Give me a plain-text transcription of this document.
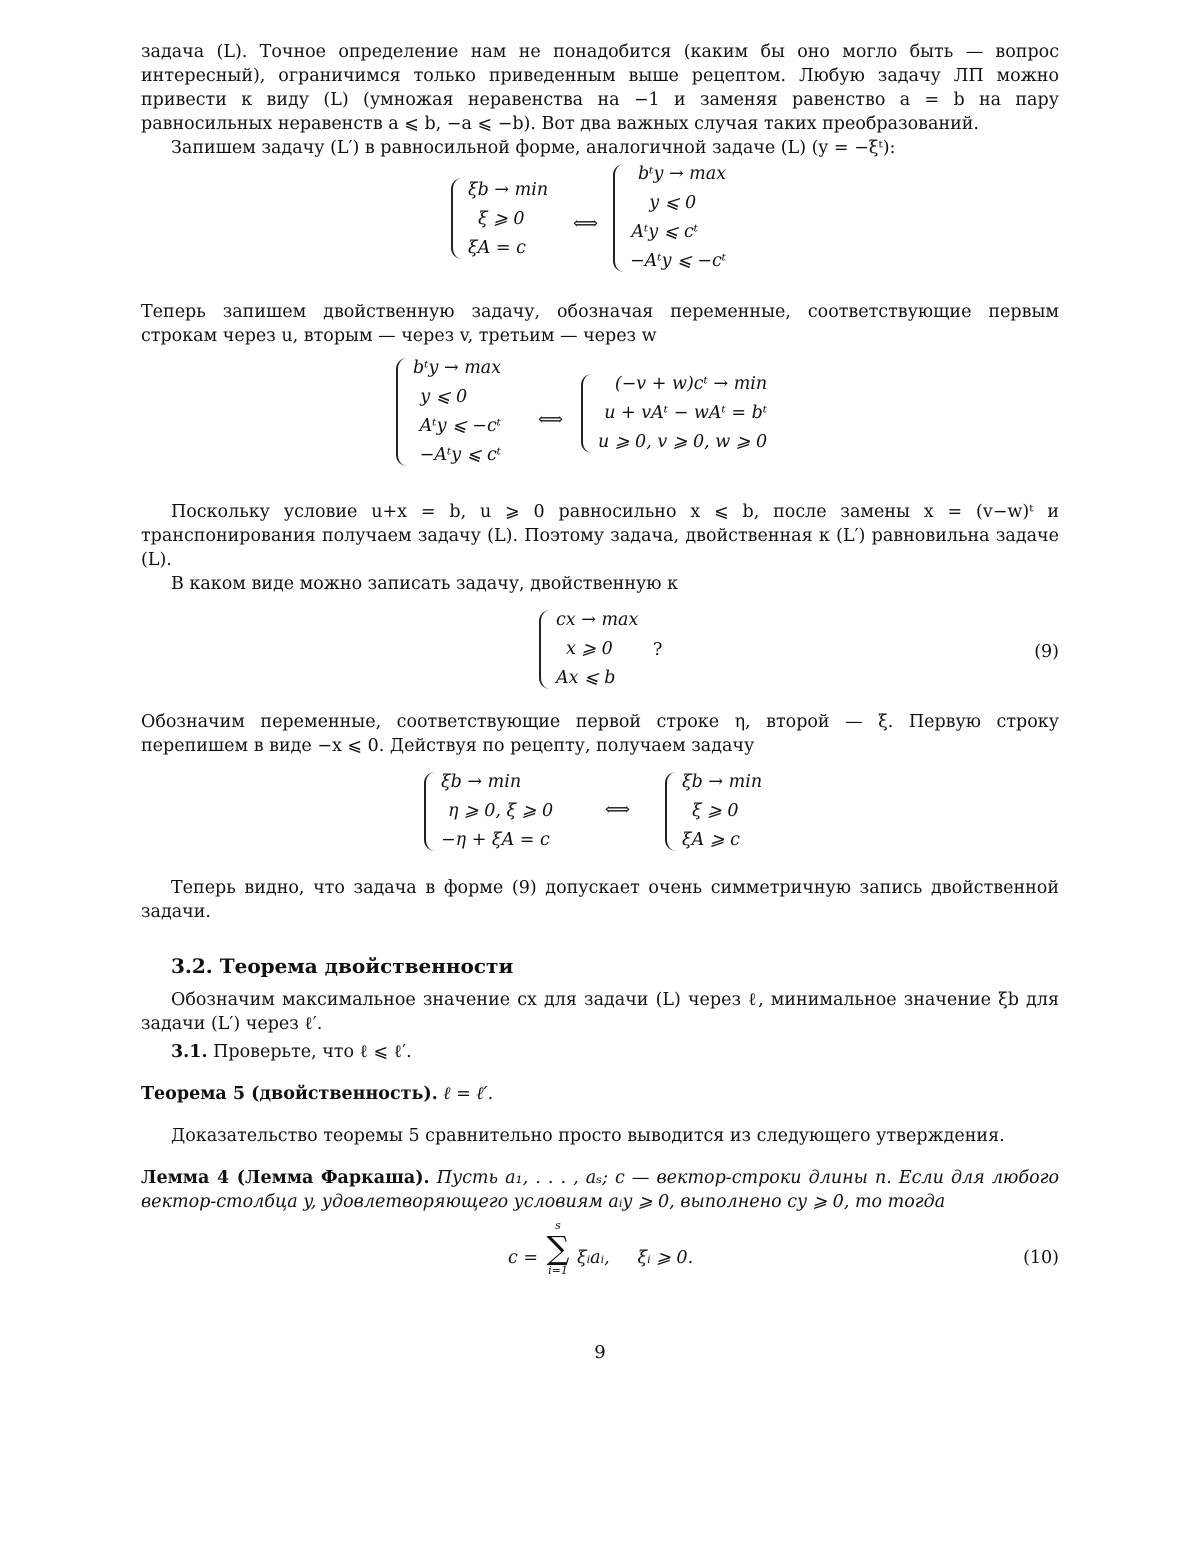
задача (L). Точное определение нам не понадобится (каким бы оно могло быть — вопрос интересный), ограничимся только приведенным выше рецептом. Любую задачу ЛП можно привести к виду (L) (умножая неравенства на −1 и заменяя равенство a = b на пару равносильных неравенств a ⩽ b, −a ⩽ −b). Вот два важных случая таких преобразований.

Запишем задачу (L′) в равносильной форме, аналогичной задаче (L) (y = −ξᵗ):

ξb → min
ξ ⩾ 0
ξA = c
⟺
bᵗy → max
y ⩽ 0
Aᵗy ⩽ cᵗ
−Aᵗy ⩽ −cᵗ

Теперь запишем двойственную задачу, обозначая переменные, соответствующие первым строкам через u, вторым — через v, третьим — через w

bᵗy → max
y ⩽ 0
Aᵗy ⩽ −cᵗ
−Aᵗy ⩽ cᵗ
⟺
(−v + w)cᵗ → min
u + vAᵗ − wAᵗ = bᵗ
u ⩾ 0, v ⩾ 0, w ⩾ 0

Поскольку условие u+x = b, u ⩾ 0 равносильно x ⩽ b, после замены x = (v−w)ᵗ и транспонирования получаем задачу (L). Поэтому задача, двойственная к (L′) равновильна задаче (L).

В каком виде можно записать задачу, двойственную к

cx → max
x ⩾ 0
Ax ⩽ b
?	(9)

Обозначим переменные, соответствующие первой строке η, второй — ξ. Первую строку перепишем в виде −x ⩽ 0. Действуя по рецепту, получаем задачу

ξb → min
η ⩾ 0, ξ ⩾ 0
−η + ξA = c
⟺
ξb → min
ξ ⩾ 0
ξA ⩾ c

Теперь видно, что задача в форме (9) допускает очень симметричную запись двойственной задачи.

3.2. Теорема двойственности

Обозначим максимальное значение cx для задачи (L) через ℓ, минимальное значение ξb для задачи (L′) через ℓ′.

3.1. Проверьте, что ℓ ⩽ ℓ′.

Теорема 5 (двойственность). ℓ = ℓ′.

Доказательство теоремы 5 сравнительно просто выводится из следующего утверждения.

Лемма 4 (Лемма Фаркаша). Пусть a₁, . . . , aₛ; c — вектор-строки длины n. Если для любого вектор-столбца y, удовлетворяющего условиям aᵢy ⩾ 0, выполнено cy ⩾ 0, то тогда

c =
s
∑
i=1
ξᵢaᵢ,     ξᵢ ⩾ 0.	(10)
9
